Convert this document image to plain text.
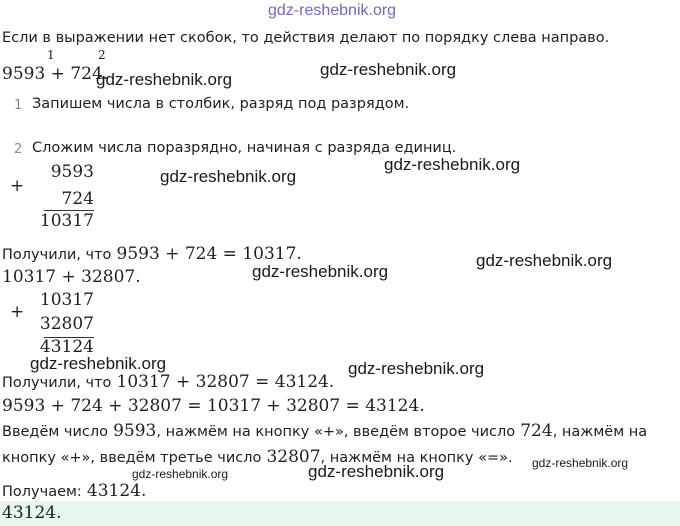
gdz-reshebnik.org
Если в выражении нет скобок, то действия делают по порядку слева направо.
1	2
9593 + 724.
gdz-reshebnik.org
gdz-reshebnik.org
1 Запишем числа в столбик, разряд под разрядом.
2 Сложим числа поразрядно, начиная с разряда единиц.
gdz-reshebnik.org
+
9593
724
10317
gdz-reshebnik.org
Получили, что 9593 + 724 = 10317.
10317 + 32807.	gdz-reshebnik.org
gdz-reshebnik.org
+
10317
32807
43124
gdz-reshebnik.org	gdz-reshebnik.org
Получили, что 10317 + 32807 = 43124.
9593 + 724 + 32807 = 10317 + 32807 = 43124.
Введём число 9593, нажмём на кнопку «+», введём второе число 724, нажмём на
кнопку «+», введём третье число 32807, нажмём на кнопку «=».
gdz-reshebnik.org	gdz-reshebnik.org	gdz-reshebnik.org
Получаем: 43124.
43124.
